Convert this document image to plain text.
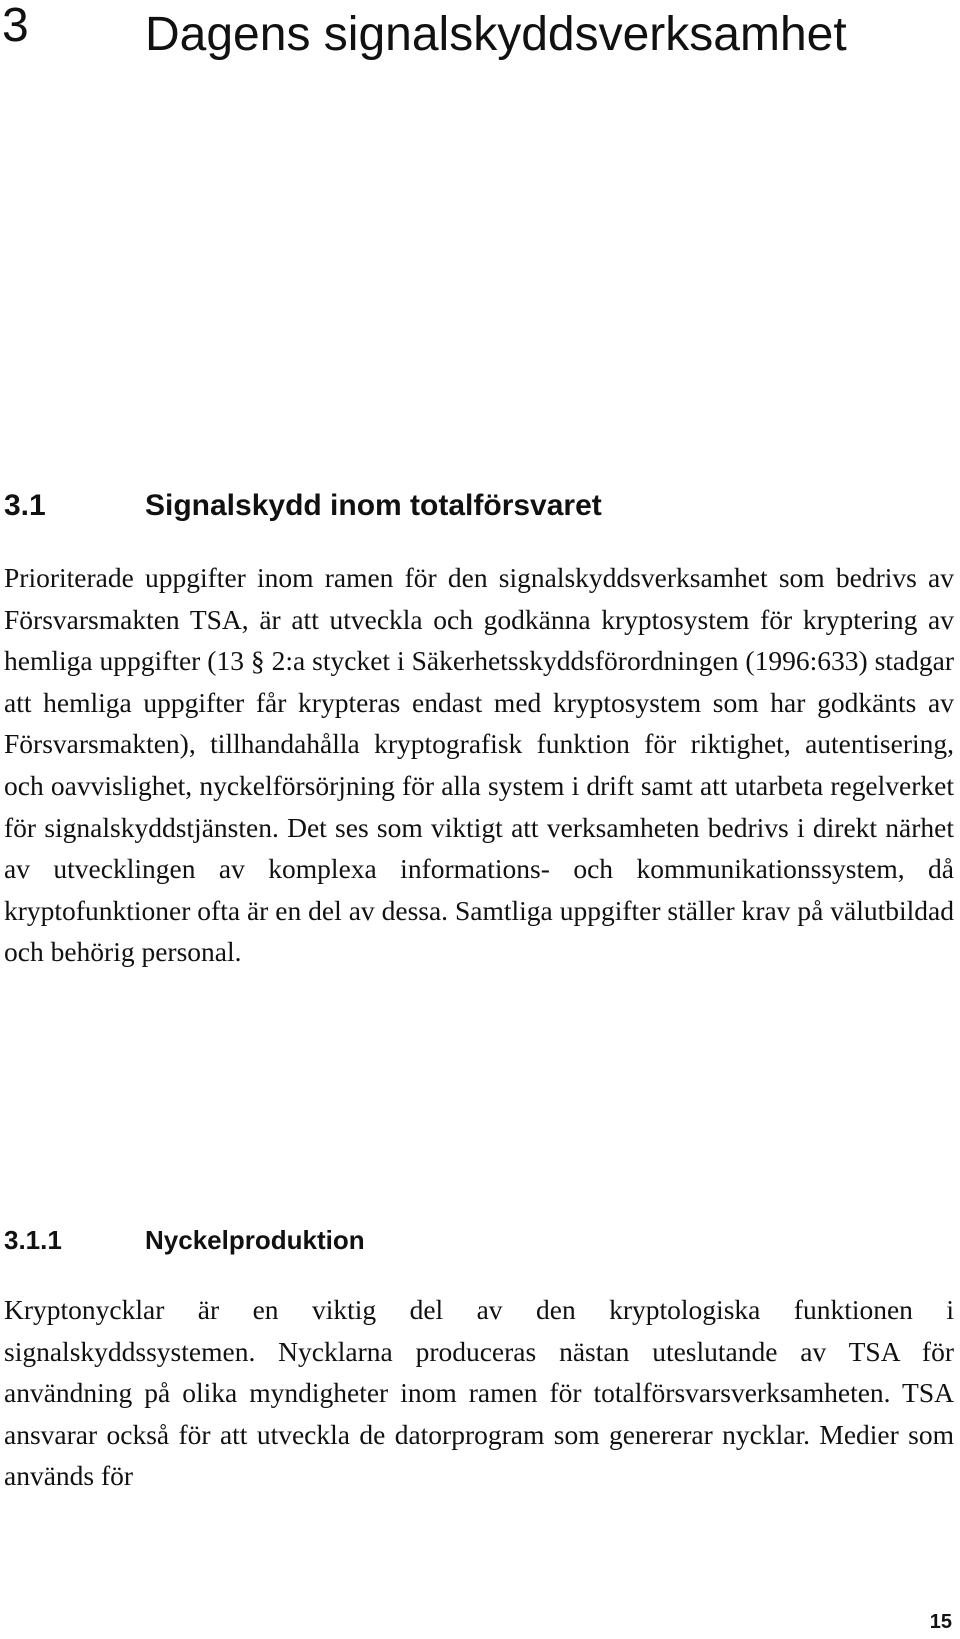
3 Dagens signalskyddsverksamhet
3.1	Signalskydd inom totalförsvaret

Prioriterade uppgifter inom ramen för den signalskyddsverksamhet som bedrivs av Försvarsmakten TSA, är att utveckla och godkänna kryptosystem för kryptering av hemliga uppgifter (13 § 2:a stycket i Säkerhetsskyddsförordningen (1996:633) stadgar att hemliga uppgifter får krypteras endast med kryptosystem som har godkänts av Försvarsmakten), tillhandahålla kryptografisk funktion för riktighet, autentisering, och oavvislighet, nyckelförsörjning för alla system i drift samt att utarbeta regelverket för signalskyddstjänsten. Det ses som viktigt att verksamheten bedrivs i direkt närhet av utvecklingen av komplexa informations- och kommunikationssystem, då kryptofunktioner ofta är en del av dessa. Samtliga uppgifter ställer krav på välutbildad och behörig personal.

3.1.1	Nyckelproduktion

Kryptonycklar är en viktig del av den kryptologiska funktionen i signalskyddssystemen. Nycklarna produceras nästan uteslutande av TSA för användning på olika myndigheter inom ramen för totalförsvarsverksamheten. TSA ansvarar också för att utveckla de datorprogram som genererar nycklar. Medier som används för

15
